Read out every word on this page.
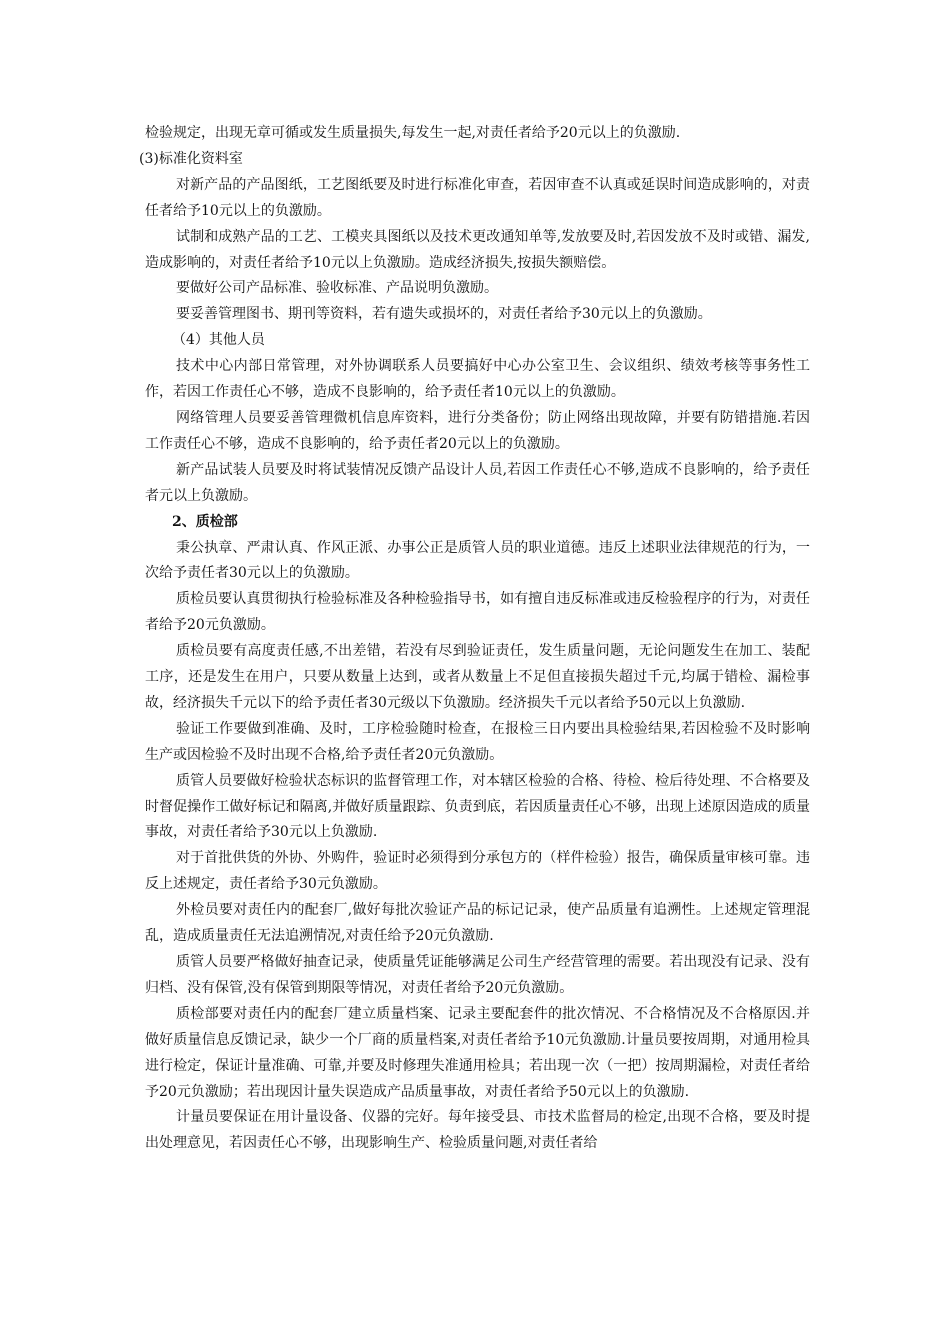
检验规定，出现无章可循或发生质量损失,每发生一起,对责任者给予20元以上的负激励.

(3)标准化资料室

对新产品的产品图纸，工艺图纸要及时进行标准化审查，若因审查不认真或延误时间造成影响的，对责任者给予10元以上的负激励。

试制和成熟产品的工艺、工模夹具图纸以及技术更改通知单等,发放要及时,若因发放不及时或错、漏发,造成影响的，对责任者给予10元以上负激励。造成经济损失,按损失额赔偿。

要做好公司产品标准、验收标准、产品说明负激励。

要妥善管理图书、期刊等资料，若有遗失或损坏的，对责任者给予30元以上的负激励。

（4）其他人员

技术中心内部日常管理，对外协调联系人员要搞好中心办公室卫生、会议组织、绩效考核等事务性工作，若因工作责任心不够，造成不良影响的，给予责任者10元以上的负激励。

网络管理人员要妥善管理微机信息库资料，进行分类备份；防止网络出现故障，并要有防错措施.若因工作责任心不够，造成不良影响的，给予责任者20元以上的负激励。

新产品试装人员要及时将试装情况反馈产品设计人员,若因工作责任心不够,造成不良影响的，给予责任者元以上负激励。

2、质检部

秉公执章、严肃认真、作风正派、办事公正是质管人员的职业道德。违反上述职业法律规范的行为，一次给予责任者30元以上的负激励。

质检员要认真贯彻执行检验标准及各种检验指导书，如有擅自违反标准或违反检验程序的行为，对责任者给予20元负激励。

质检员要有高度责任感,不出差错，若没有尽到验证责任，发生质量问题，无论问题发生在加工、装配工序，还是发生在用户，只要从数量上达到，或者从数量上不足但直接损失超过千元,均属于错检、漏检事故，经济损失千元以下的给予责任者30元级以下负激励。经济损失千元以者给予50元以上负激励.

验证工作要做到准确、及时，工序检验随时检查，在报检三日内要出具检验结果,若因检验不及时影响生产或因检验不及时出现不合格,给予责任者20元负激励。

质管人员要做好检验状态标识的监督管理工作，对本辖区检验的合格、待检、检后待处理、不合格要及时督促操作工做好标记和隔离,并做好质量跟踪、负责到底，若因质量责任心不够，出现上述原因造成的质量事故，对责任者给予30元以上负激励.

对于首批供货的外协、外购件，验证时必须得到分承包方的（样件检验）报告，确保质量审核可靠。违反上述规定，责任者给予30元负激励。

外检员要对责任内的配套厂,做好每批次验证产品的标记记录，使产品质量有追溯性。上述规定管理混乱，造成质量责任无法追溯情况,对责任给予20元负激励.

质管人员要严格做好抽查记录，使质量凭证能够满足公司生产经营管理的需要。若出现没有记录、没有归档、没有保管,没有保管到期限等情况，对责任者给予20元负激励。

质检部要对责任内的配套厂建立质量档案、记录主要配套件的批次情况、不合格情况及不合格原因.并做好质量信息反馈记录，缺少一个厂商的质量档案,对责任者给予10元负激励.计量员要按周期，对通用检具进行检定，保证计量准确、可靠,并要及时修理失准通用检具；若出现一次（一把）按周期漏检，对责任者给予20元负激励；若出现因计量失误造成产品质量事故，对责任者给予50元以上的负激励.

计量员要保证在用计量设备、仪器的完好。每年接受县、市技术监督局的检定,出现不合格，要及时提出处理意见，若因责任心不够，出现影响生产、检验质量问题,对责任者给
